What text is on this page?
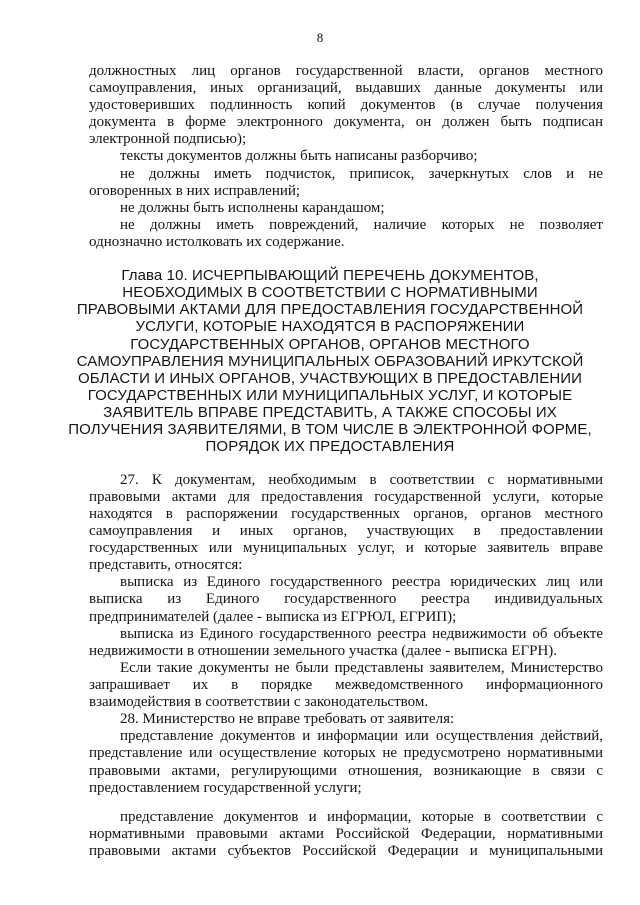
8
должностных лиц органов государственной власти, органов местного
самоуправления, иных организаций, выдавших данные документы или
удостоверивших подлинность копий документов (в случае получения
документа в форме электронного документа, он должен быть подписан
электронной подписью);
тексты документов должны быть написаны разборчиво;
не должны иметь подчисток, приписок, зачеркнутых слов и не
оговоренных в них исправлений;
не должны быть исполнены карандашом;
не должны иметь повреждений, наличие которых не позволяет
однозначно истолковать их содержание.
Глава 10. ИСЧЕРПЫВАЮЩИЙ ПЕРЕЧЕНЬ ДОКУМЕНТОВ,
НЕОБХОДИМЫХ В СООТВЕТСТВИИ С НОРМАТИВНЫМИ
ПРАВОВЫМИ АКТАМИ ДЛЯ ПРЕДОСТАВЛЕНИЯ ГОСУДАРСТВЕННОЙ
УСЛУГИ, КОТОРЫЕ НАХОДЯТСЯ В РАСПОРЯЖЕНИИ
ГОСУДАРСТВЕННЫХ ОРГАНОВ, ОРГАНОВ МЕСТНОГО
САМОУПРАВЛЕНИЯ МУНИЦИПАЛЬНЫХ ОБРАЗОВАНИЙ ИРКУТСКОЙ
ОБЛАСТИ И ИНЫХ ОРГАНОВ, УЧАСТВУЮЩИХ В ПРЕДОСТАВЛЕНИИ
ГОСУДАРСТВЕННЫХ ИЛИ МУНИЦИПАЛЬНЫХ УСЛУГ, И КОТОРЫЕ
ЗАЯВИТЕЛЬ ВПРАВЕ ПРЕДСТАВИТЬ, А ТАКЖЕ СПОСОБЫ ИХ
ПОЛУЧЕНИЯ ЗАЯВИТЕЛЯМИ, В ТОМ ЧИСЛЕ В ЭЛЕКТРОННОЙ ФОРМЕ,
ПОРЯДОК ИХ ПРЕДОСТАВЛЕНИЯ
27. К документам, необходимым в соответствии с нормативными
правовыми актами для предоставления государственной услуги, которые
находятся в распоряжении государственных органов, органов местного
самоуправления и иных органов, участвующих в предоставлении
государственных или муниципальных услуг, и которые заявитель вправе
представить, относятся:
выписка из Единого государственного реестра юридических лиц или
выписка из Единого государственного реестра индивидуальных
предпринимателей (далее - выписка из ЕГРЮЛ, ЕГРИП);
выписка из Единого государственного реестра недвижимости об объекте
недвижимости в отношении земельного участка (далее - выписка ЕГРН).
Если такие документы не были представлены заявителем, Министерство
запрашивает их в порядке межведомственного информационного
взаимодействия в соответствии с законодательством.
28. Министерство не вправе требовать от заявителя:
представление документов и информации или осуществления действий,
представление или осуществление которых не предусмотрено нормативными
правовыми актами, регулирующими отношения, возникающие в связи с
предоставлением государственной услуги;
представление документов и информации, которые в соответствии с
нормативными правовыми актами Российской Федерации, нормативными
правовыми актами субъектов Российской Федерации и муниципальными
